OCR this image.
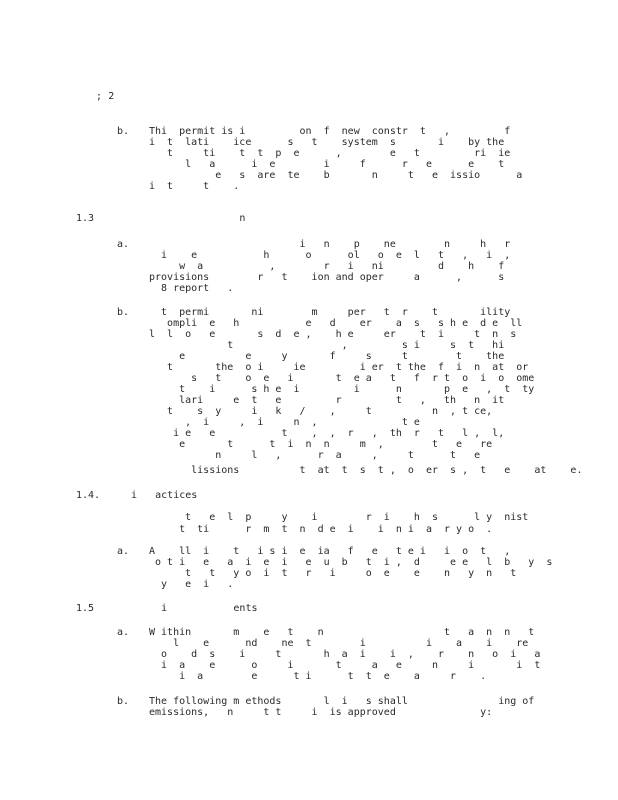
; 2
b. Thi  permit is i         on  f  new  constr  t   ,         f
i  t  lati    ice      s   t    system  s       i    by the
t     ti    t  t  p  e      ,        e   t         ri  ie
l   a      i  e        i     f      r   e      e    t
e   s  are  te    b       n     t   e  issio      a
i  t     t    .
1.3 n
a. i   n    p    ne        n     h   r
i    e           h      o      ol   o  e  l   t   ,   i  ,
w  a           ,        r   i   ni         d    h    f
provisions        r   t    ion and oper     a      ,      s
8 report   .
b. t  permi       ni        m     per   t  r    t       ility
ompli  e   h           e   d    er    a  s   s h e  d e  ll
l  l  o   e       s  d  e ,    h e     er    t  i     t  n  s
t                  ,         s i     s  t   hi
e          e     y       f     s     t        t    the
t       the  o i     ie         i er  t the  f  i  n  at  or
s   t    o  e   i       t  e a   t   f  r t  o  i  o  ome
t    i      s h e  i         i      n       p  e   ,  t  ty
lari     e  t   e         r         t   ,   th   n  it
t    s  y     i   k   /    ,     t          n  , t ce,
,  i     ,  i     n  ,              t e
i e   e           t    ,  ,  r   ,  th  r   t   l ,  l,
e       t      t  i  n  n     m  ,        t   e   re
n     l   ,      r  a     ,     t      t   e
lissions          t  at  t  s  t ,  o  er  s ,  t   e    at    e.
1.4. i   actices
t   e  l  p     y    i        r  i    h  s      l y  nist
t  ti      r  m  t  n  d e  i    i  n i  a  r y o  .
a. A    ll  i    t   i s i  e  ia   f   e   t e i   i  o  t   ,
o t i   e   a  i  e  i   e  u  b   t  i ,  d     e e   l  b   y  s
t   t   y o  i  t   r   i     o  e    e    n   y  n   t
y   e  i   .
1.5 i           ents
a. W ithin       m    e   t    n                    t   a  n  n   t
l    e      nd    ne  t        i          i    a    i    re
o    d  s    i     t       h  a  i    i  ,    r    n   o  i   a
i  a    e      o     i       t     a   e     n     i       i  t
i  a        e      t i      t  t  e    a     r    .
b. The following m ethods       l  i   s shall               ing of
emissions,   n     t t     i  is approved              y:
